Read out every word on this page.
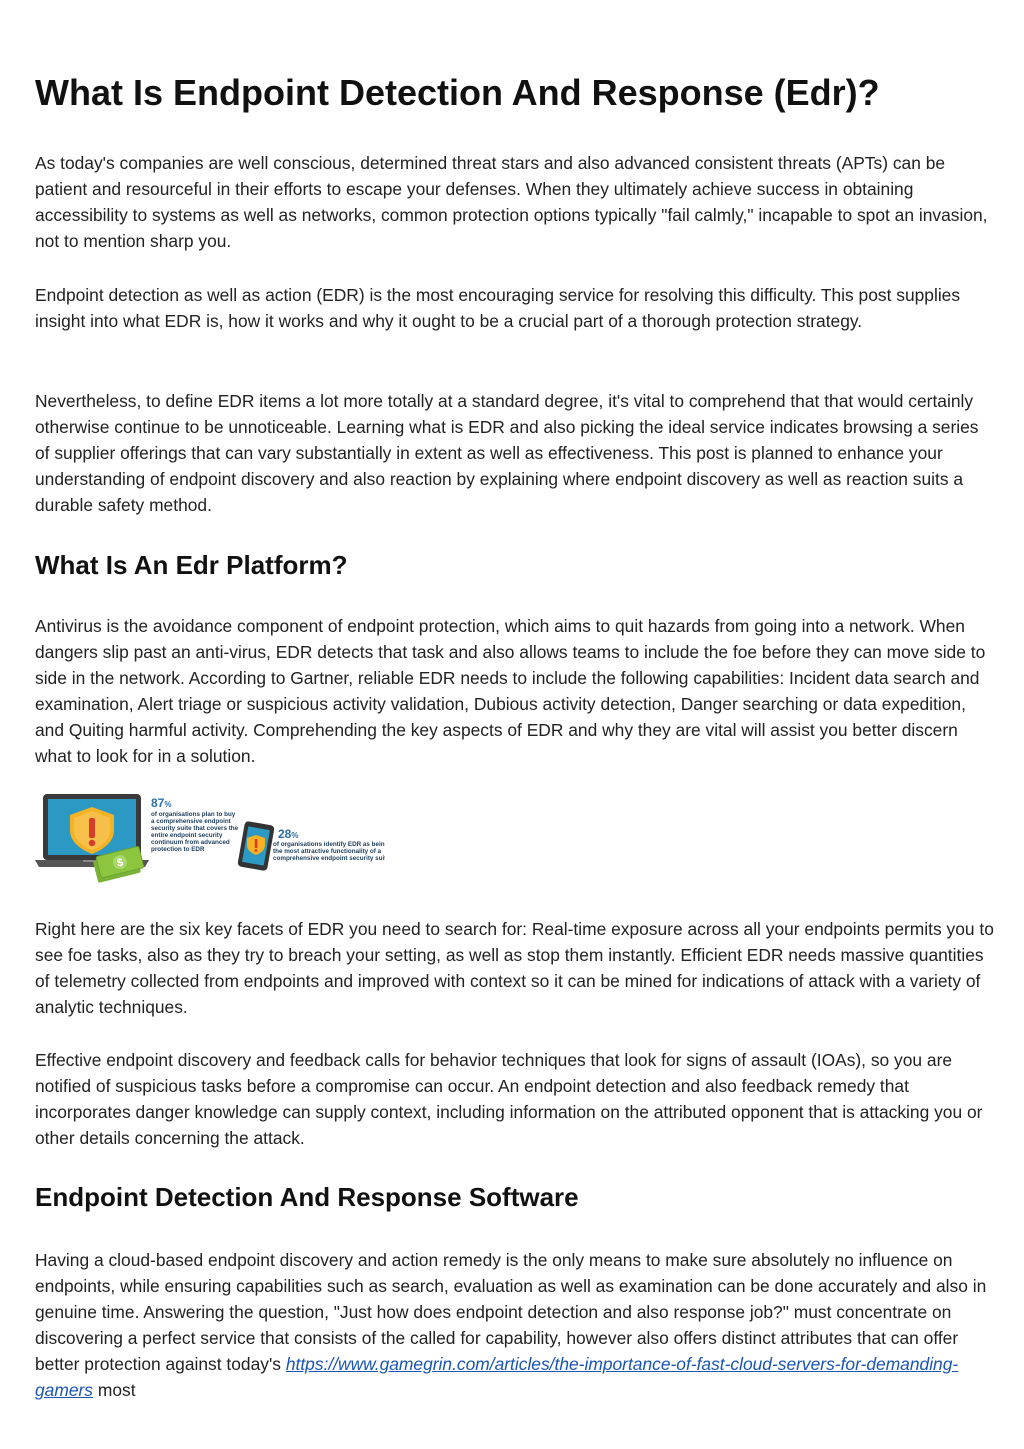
What Is Endpoint Detection And Response (Edr)?

As today's companies are well conscious, determined threat stars and also advanced consistent threats (APTs) can be patient and resourceful in their efforts to escape your defenses. When they ultimately achieve success in obtaining accessibility to systems as well as networks, common protection options typically "fail calmly," incapable to spot an invasion, not to mention sharp you.

Endpoint detection as well as action (EDR) is the most encouraging service for resolving this difficulty. This post supplies insight into what EDR is, how it works and why it ought to be a crucial part of a thorough protection strategy.

Nevertheless, to define EDR items a lot more totally at a standard degree, it's vital to comprehend that that would certainly otherwise continue to be unnoticeable. Learning what is EDR and also picking the ideal service indicates browsing a series of supplier offerings that can vary substantially in extent as well as effectiveness. This post is planned to enhance your understanding of endpoint discovery and also reaction by explaining where endpoint discovery as well as reaction suits a durable safety method.

What Is An Edr Platform?

Antivirus is the avoidance component of endpoint protection, which aims to quit hazards from going into a network. When dangers slip past an anti-virus, EDR detects that task and also allows teams to include the foe before they can move side to side in the network. According to Gartner, reliable EDR needs to include the following capabilities: Incident data search and examination, Alert triage or suspicious activity validation, Dubious activity detection, Danger searching or data expedition, and Quiting harmful activity. Comprehending the key aspects of EDR and why they are vital will assist you better discern what to look for in a solution.

$
87%
of organisations plan to buy
a comprehensive endpoint
security suite that covers the
entire endpoint security
continuum from advanced
protection to EDR
28%
of organisations identify EDR as being
the most attractive functionality of a
comprehensive endpoint security suite

Right here are the six key facets of EDR you need to search for: Real-time exposure across all your endpoints permits you to see foe tasks, also as they try to breach your setting, as well as stop them instantly. Efficient EDR needs massive quantities of telemetry collected from endpoints and improved with context so it can be mined for indications of attack with a variety of analytic techniques.

Effective endpoint discovery and feedback calls for behavior techniques that look for signs of assault (IOAs), so you are notified of suspicious tasks before a compromise can occur. An endpoint detection and also feedback remedy that incorporates danger knowledge can supply context, including information on the attributed opponent that is attacking you or other details concerning the attack.

Endpoint Detection And Response Software

Having a cloud-based endpoint discovery and action remedy is the only means to make sure absolutely no influence on endpoints, while ensuring capabilities such as search, evaluation as well as examination can be done accurately and also in genuine time. Answering the question, "Just how does endpoint detection and also response job?" must concentrate on discovering a perfect service that consists of the called for capability, however also offers distinct attributes that can offer better protection against today's https://www.gamegrin.com/articles/the-importance-of-fast-cloud-servers-for-demanding-gamers most
